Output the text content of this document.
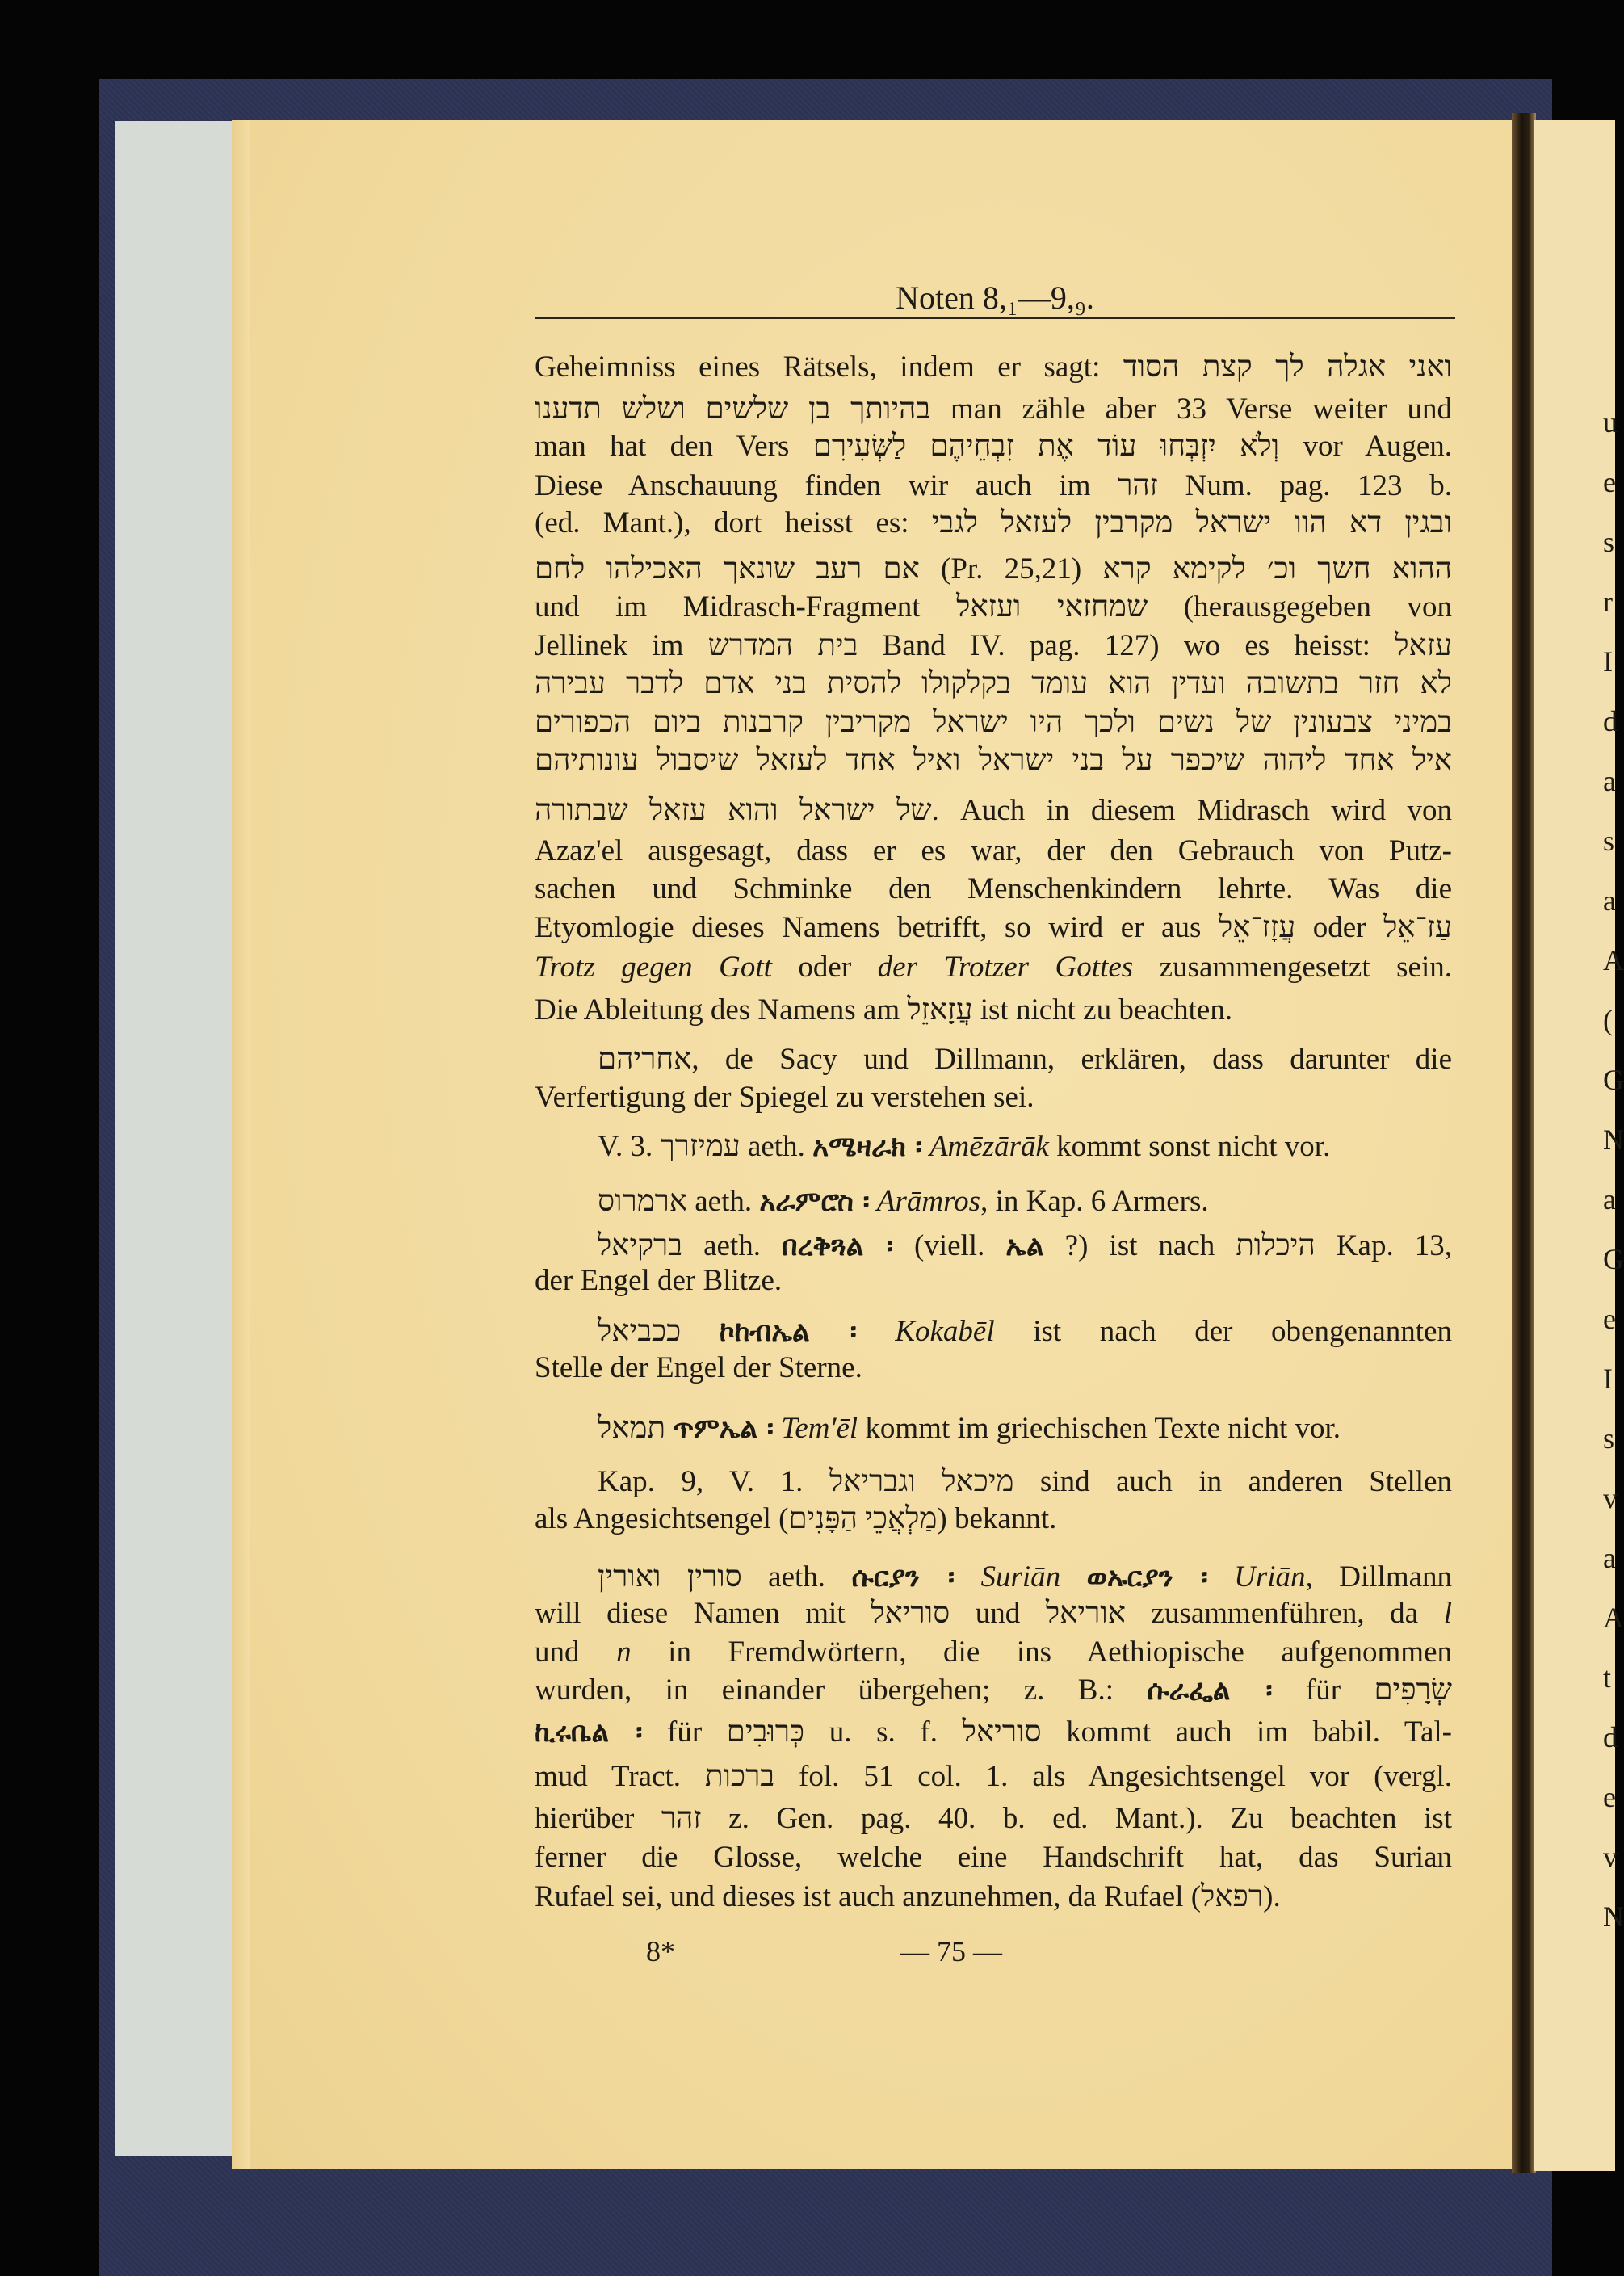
u
e
s
r
I
d
a
s
a
A
(
G
N
a
G
e
I
s
v
a
A
t
d
e
v
N
Noten 8,₁—9,₉.
Geheimniss eines Rätsels, indem er sagt: ואני אגלה לך קצת הסוד
בהיותך בן שלשים ושלש תדענו man zähle aber 33 Verse weiter und
man hat den Vers וְלֹא יִזְבְּחוּ עוֹד אֶת זִבְחֵיהֶם לַשְּׂעִירִם vor Augen.
Diese Anschauung finden wir auch im זהר Num. pag. 123 b.
(ed. Mant.), dort heisst es: ובגין דא הוו ישראל מקרבין לעזאל לגבי
ההוא חשך וכ׳ לקימא קרא (Pr. 25,21) אם רעב שונאך האכילהו לחם
und im Midrasch-Fragment שמחזאי ועזאל (herausgegeben von
Jellinek im בית המדרש Band IV. pag. 127) wo es heisst: עזאל
לא חזר בתשובה ועדין הוא עומד בקלקולו להסית בני אדם לדבר עבירה
במיני צבעונין של נשים ולכך היו ישראל מקריבין קרבנות ביום הכפורים
איל אחד ליהוה שיכפר על בני ישראל ואיל אחד לעזאל שיסבול עונותיהם
של ישראל והוא עזאל שבתורה. Auch in diesem Midrasch wird von
Azaz'el ausgesagt, dass er es war, der den Gebrauch von Putz-
sachen und Schminke den Menschenkindern lehrte. Was die
Etyomlogie dieses Namens betrifft, so wird er aus עֲזָז־אֵל oder עַז־אֵל
Trotz gegen Gott oder der Trotzer Gottes zusammengesetzt sein.
Die Ableitung des Namens am עֲזָאזֵל ist nicht zu beachten.
אחריהם, de Sacy und Dillmann, erklären, dass darunter die
Verfertigung der Spiegel zu verstehen sei.
V. 3. עמיזרך aeth. አሜዛራክ ፡ Amēzārāk kommt sonst nicht vor.
ארמרוס aeth. አራምሮስ ፡ Arāmros, in Kap. 6 Armers.
ברקיאל aeth. በረቅጓል ፡ (viell. ኤል ?) ist nach היכלות Kap. 13,
der Engel der Blitze.
ככביאל ኮከብኤል ፡ Kokabēl ist nach der obengenannten
Stelle der Engel der Sterne.
תמאל ጥምኤል ፡ Tem'ēl kommt im griechischen Texte nicht vor.
Kap. 9, V. 1. מיכאל וגבריאל sind auch in anderen Stellen
als Angesichtsengel (מַלְאֲכֵי הַפָּנִים) bekannt.
סורין ואורין aeth. ሱርያን ፡ Suriān ወኡርያን ፡ Uriān, Dillmann
will diese Namen mit סוריאל und אוריאל zusammenführen, da l
und n in Fremdwörtern, die ins Aethiopische aufgenommen
wurden, in einander übergehen; z. B.: ሱራፌል ፡ für שְׂרָפִים
ኪሩቤል ፡ für כְּרוּבִים u. s. f. סוריאל kommt auch im babil. Tal-
mud Tract. ברכות fol. 51 col. 1. als Angesichtsengel vor (vergl.
hierüber זהר z. Gen. pag. 40. b. ed. Mant.). Zu beachten ist
ferner die Glosse, welche eine Handschrift hat, das Surian
Rufael sei, und dieses ist auch anzunehmen, da Rufael (רפאל).
8*	— 75 —
